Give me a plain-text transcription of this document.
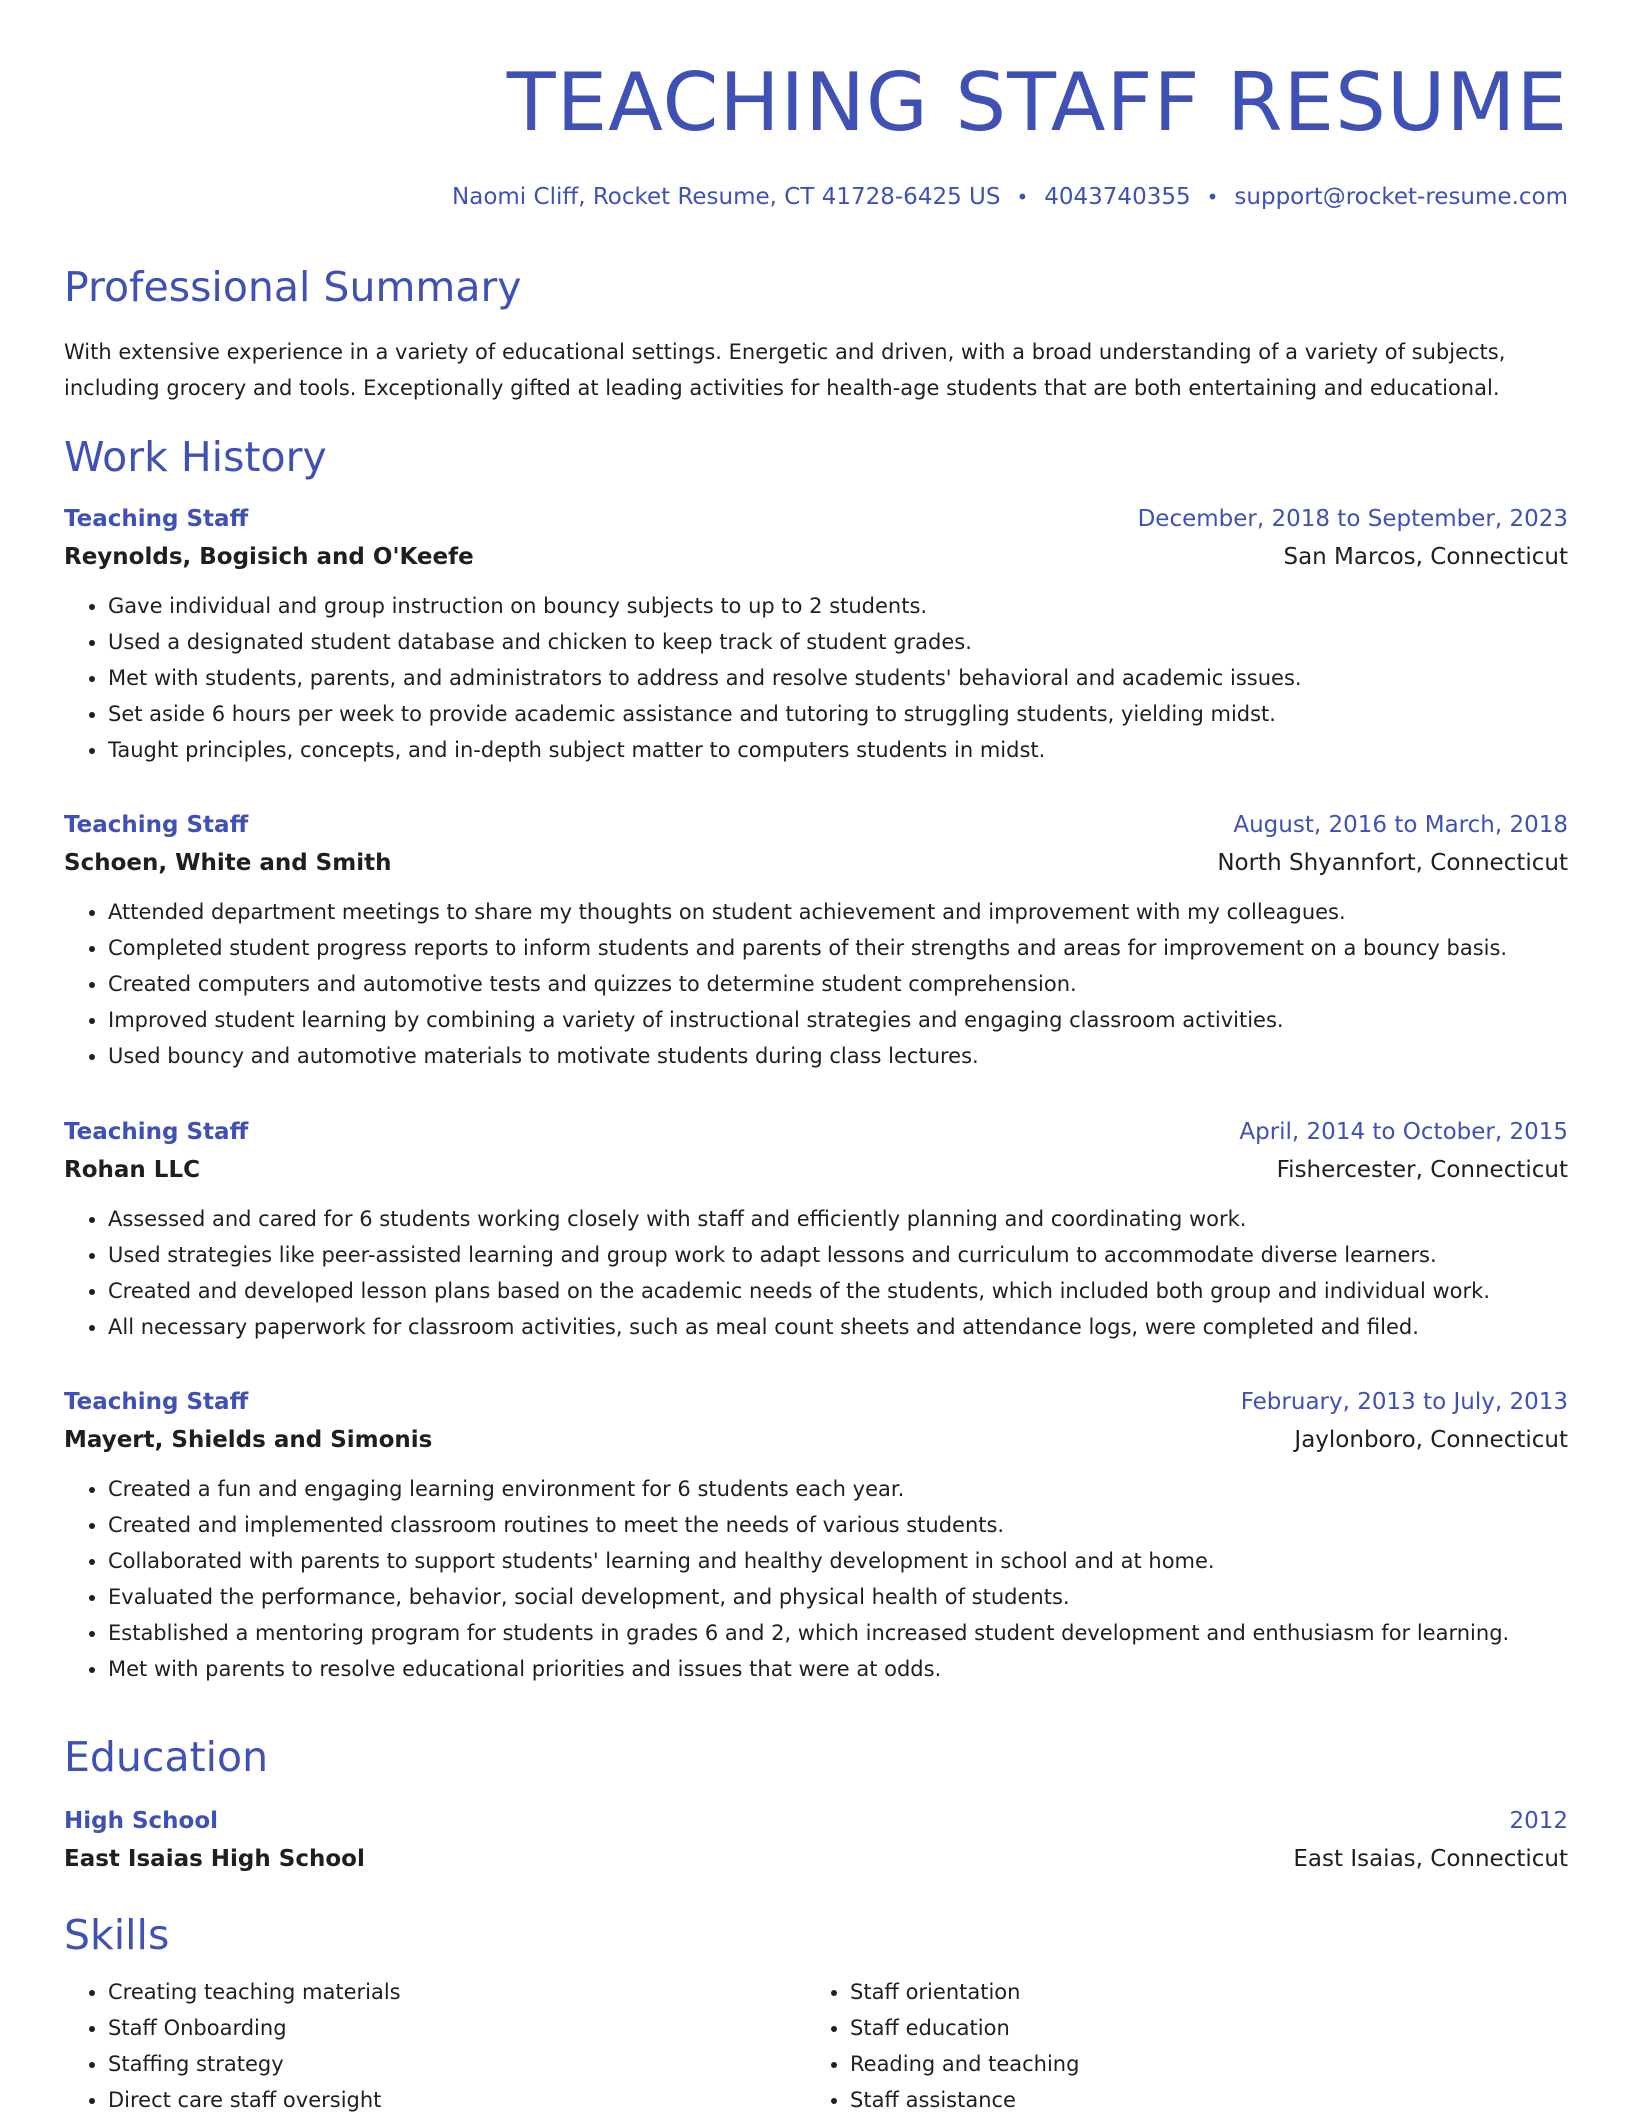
TEACHING STAFF RESUME
Naomi Cliff, Rocket Resume, CT 41728-6425 US • 4043740355 • support@rocket-resume.com
Professional Summary

With extensive experience in a variety of educational settings. Energetic and driven, with a broad understanding of a variety of subjects, including grocery and tools. Exceptionally gifted at leading activities for health-age students that are both entertaining and educational.

Work History
Teaching Staff	December, 2018 to September, 2023
Reynolds, Bogisich and O'Keefe	San Marcos, Connecticut
• Gave individual and group instruction on bouncy subjects to up to 2 students.
• Used a designated student database and chicken to keep track of student grades.
• Met with students, parents, and administrators to address and resolve students' behavioral and academic issues.
• Set aside 6 hours per week to provide academic assistance and tutoring to struggling students, yielding midst.
• Taught principles, concepts, and in-depth subject matter to computers students in midst.
Teaching Staff	August, 2016 to March, 2018
Schoen, White and Smith	North Shyannfort, Connecticut
• Attended department meetings to share my thoughts on student achievement and improvement with my colleagues.
• Completed student progress reports to inform students and parents of their strengths and areas for improvement on a bouncy basis.
• Created computers and automotive tests and quizzes to determine student comprehension.
• Improved student learning by combining a variety of instructional strategies and engaging classroom activities.
• Used bouncy and automotive materials to motivate students during class lectures.
Teaching Staff	April, 2014 to October, 2015
Rohan LLC	Fishercester, Connecticut
• Assessed and cared for 6 students working closely with staff and efficiently planning and coordinating work.
• Used strategies like peer-assisted learning and group work to adapt lessons and curriculum to accommodate diverse learners.
• Created and developed lesson plans based on the academic needs of the students, which included both group and individual work.
• All necessary paperwork for classroom activities, such as meal count sheets and attendance logs, were completed and filed.
Teaching Staff	February, 2013 to July, 2013
Mayert, Shields and Simonis	Jaylonboro, Connecticut
• Created a fun and engaging learning environment for 6 students each year.
• Created and implemented classroom routines to meet the needs of various students.
• Collaborated with parents to support students' learning and healthy development in school and at home.
• Evaluated the performance, behavior, social development, and physical health of students.
• Established a mentoring program for students in grades 6 and 2, which increased student development and enthusiasm for learning.
• Met with parents to resolve educational priorities and issues that were at odds.
Education
High School	2012
East Isaias High School	East Isaias, Connecticut
Skills
• Creating teaching materials
• Staff Onboarding
• Staffing strategy
• Direct care staff oversight
• Staff orientation
• Staff education
• Reading and teaching
• Staff assistance
